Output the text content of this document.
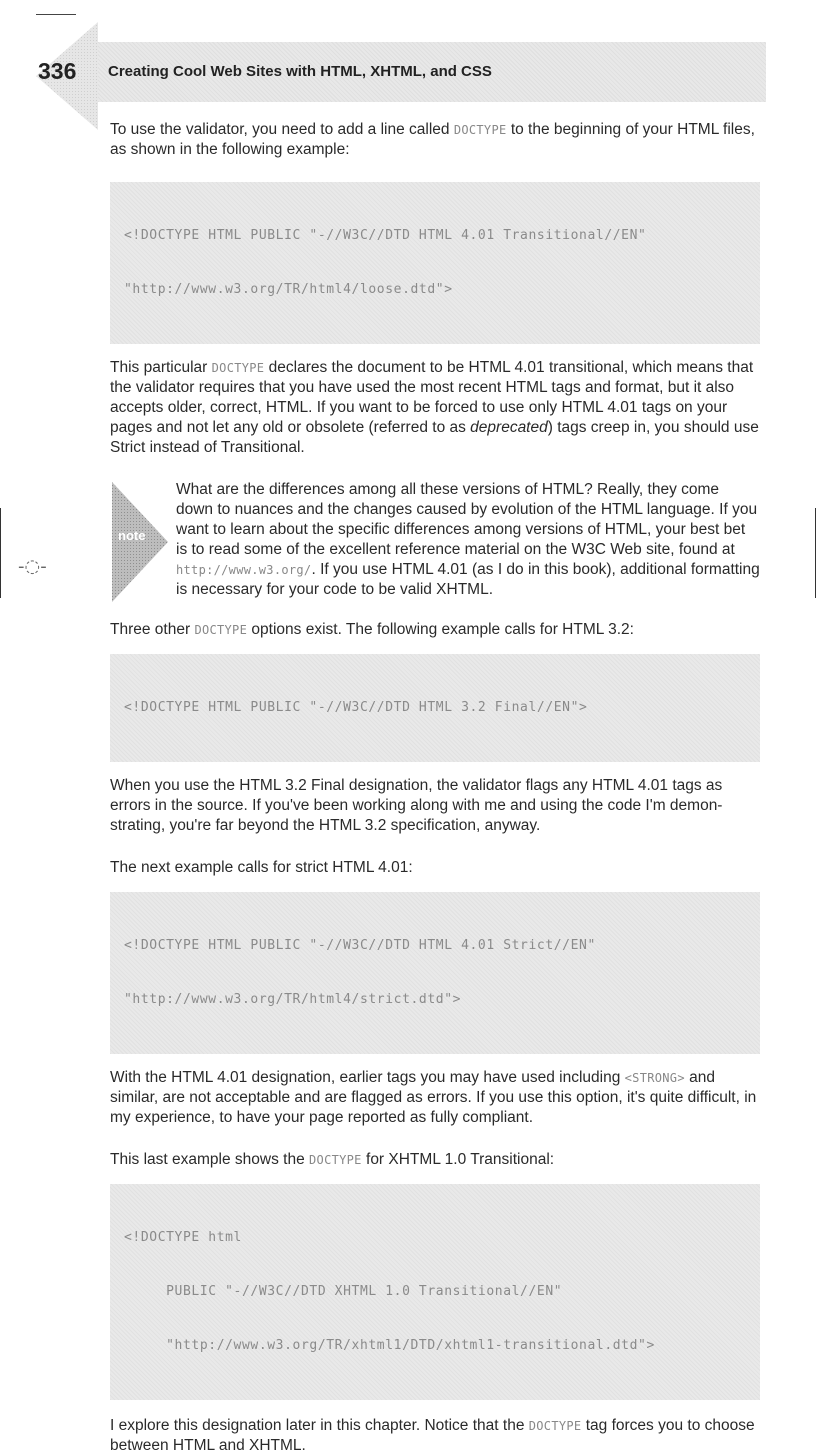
336 Creating Cool Web Sites with HTML, XHTML, and CSS
-◌-

To use the validator, you need to add a line called DOCTYPE to the beginning of your HTML files, as shown in the following example:

<!DOCTYPE HTML PUBLIC "-//W3C//DTD HTML 4.01 Transitional//EN"

"http://www.w3.org/TR/html4/loose.dtd">

This particular DOCTYPE declares the document to be HTML 4.01 transitional, which means that the validator requires that you have used the most recent HTML tags and format, but it also accepts older, correct, HTML. If you want to be forced to use only HTML 4.01 tags on your pages and not let any old or obsolete (referred to as deprecated) tags creep in, you should use Strict instead of Transitional.

note

What are the differences among all these versions of HTML? Really, they come down to nuances and the changes caused by evolution of the HTML language. If you want to learn about the specific differences among versions of HTML, your best bet is to read some of the excellent reference material on the W3C Web site, found at http://www.w3.org/. If you use HTML 4.01 (as I do in this book), additional formatting is necessary for your code to be valid XHTML.

Three other DOCTYPE options exist. The following example calls for HTML 3.2:

<!DOCTYPE HTML PUBLIC "-//W3C//DTD HTML 3.2 Final//EN">

When you use the HTML 3.2 Final designation, the validator flags any HTML 4.01 tags as errors in the source. If you've been working along with me and using the code I'm demon-strating, you're far beyond the HTML 3.2 specification, anyway.

The next example calls for strict HTML 4.01:

<!DOCTYPE HTML PUBLIC "-//W3C//DTD HTML 4.01 Strict//EN"

"http://www.w3.org/TR/html4/strict.dtd">

With the HTML 4.01 designation, earlier tags you may have used including <STRONG> and similar, are not acceptable and are flagged as errors. If you use this option, it's quite difficult, in my experience, to have your page reported as fully compliant.

This last example shows the DOCTYPE for XHTML 1.0 Transitional:

<!DOCTYPE html

PUBLIC "-//W3C//DTD XHTML 1.0 Transitional//EN"

"http://www.w3.org/TR/xhtml1/DTD/xhtml1-transitional.dtd">

I explore this designation later in this chapter. Notice that the DOCTYPE tag forces you to choose between HTML and XHTML.
